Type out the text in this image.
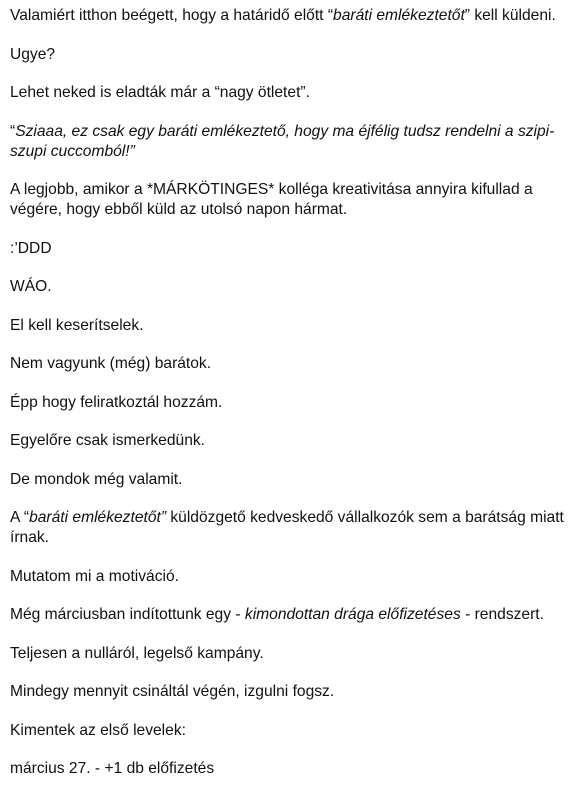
Valamiért itthon beégett, hogy a határidő előtt “baráti emlékeztetőt” kell küldeni.

Ugye?

Lehet neked is eladták már a “nagy ötletet”.

“Sziaaa, ez csak egy baráti emlékeztető, hogy ma éjfélig tudsz rendelni a szipi-szupi cuccomból!”

A legjobb, amikor a *MÁRKÖTINGES* kolléga kreativitása annyira kifullad a végére, hogy ebből küld az utolsó napon hármat.

:’DDD

WÁO.

El kell keserítselek.

Nem vagyunk (még) barátok.

Épp hogy feliratkoztál hozzám.

Egyelőre csak ismerkedünk.

De mondok még valamit.

A “baráti emlékeztetőt” küldözgető kedveskedő vállalkozók sem a barátság miatt írnak.

Mutatom mi a motiváció.

Még márciusban indítottunk egy - kimondottan drága előfizetéses - rendszert.

Teljesen a nulláról, legelső kampány.

Mindegy mennyit csináltál végén, izgulni fogsz.

Kimentek az első levelek:

március 27. - +1 db előfizetés
